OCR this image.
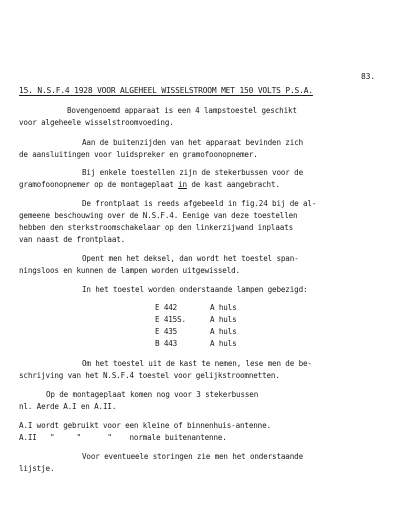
83.
15. N.S.F.4 1928 VOOR ALGEHEEL WISSELSTROOM MET 150 VOLTS P.S.A.
Bovengenoemd apparaat is een 4 lampstoestel geschikt
voor algeheele wisselstroomvoeding.
Aan de buitenzijden van het apparaat bevinden zich
de aansluitingen voor luidspreker en gramofoonopnemer.
Bij enkele toestellen zijn de stekerbussen voor de
gramofoonopnemer op de montageplaat in de kast aangebracht.
De frontplaat is reeds afgebeeld in fig.24 bij de al-
gemeene beschouwing over de N.S.F.4. Eenige van deze toestellen
hebben den sterkstroomschakelaar op den linkerzijwand inplaats
van naast de frontplaat.
Opent men het deksel, dan wordt het toestel span-
ningsloos en kunnen de lampen worden uitgewisseld.
In het toestel worden onderstaande lampen gebezigd:
E 442	A huls
E 415S.	A huls
E 435	A huls
B 443	A huls
Om het toestel uit de kast te nemen, lese men de be-
schrijving van het N.S.F.4 toestel voor gelijkstroomnetten.
Op de montageplaat komen nog voor 3 stekerbussen
nl. Aerde A.I en A.II.
A.I wordt gebruikt voor een kleine of binnenhuis-antenne.
A.II   "     "      "    normale buitenantenne.
Voor eventueele storingen zie men het onderstaande
lijstje.
